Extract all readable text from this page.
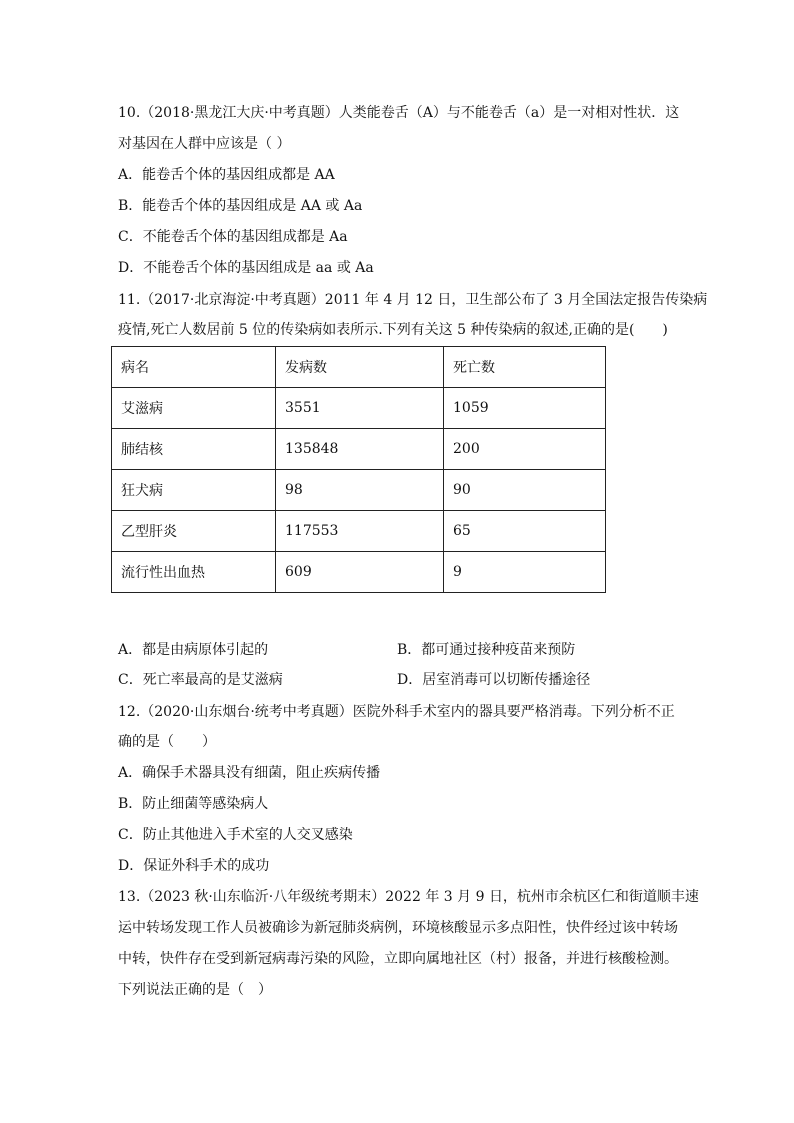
10.（2018·黑龙江大庆·中考真题）人类能卷舌（A）与不能卷舌（a）是一对相对性状．这
对基因在人群中应该是（ ）
A．能卷舌个体的基因组成都是 AA
B．能卷舌个体的基因组成是 AA 或 Aa
C．不能卷舌个体的基因组成都是 Aa
D．不能卷舌个体的基因组成是 aa 或 Aa
11.（2017·北京海淀·中考真题）2011 年 4 月 12 日，卫生部公布了 3 月全国法定报告传染病
疫情,死亡人数居前 5 位的传染病如表所示.下列有关这 5 种传染病的叙述,正确的是(　　)
病名	发病数	死亡数
艾滋病	3551	1059
肺结核	135848	200
狂犬病	98	90
乙型肝炎	117553	65
流行性出血热	609	9
A．都是由病原体引起的	B．都可通过接种疫苗来预防
C．死亡率最高的是艾滋病	D．居室消毒可以切断传播途径
12.（2020·山东烟台·统考中考真题）医院外科手术室内的器具要严格消毒。下列分析不正
确的是（　　）
A．确保手术器具没有细菌，阻止疾病传播
B．防止细菌等感染病人
C．防止其他进入手术室的人交叉感染
D．保证外科手术的成功
13.（2023 秋·山东临沂·八年级统考期末）2022 年 3 月 9 日，杭州市余杭区仁和街道顺丰速
运中转场发现工作人员被确诊为新冠肺炎病例，环境核酸显示多点阳性，快件经过该中转场
中转，快件存在受到新冠病毒污染的风险，立即向属地社区（村）报备，并进行核酸检测。
下列说法正确的是（　）
